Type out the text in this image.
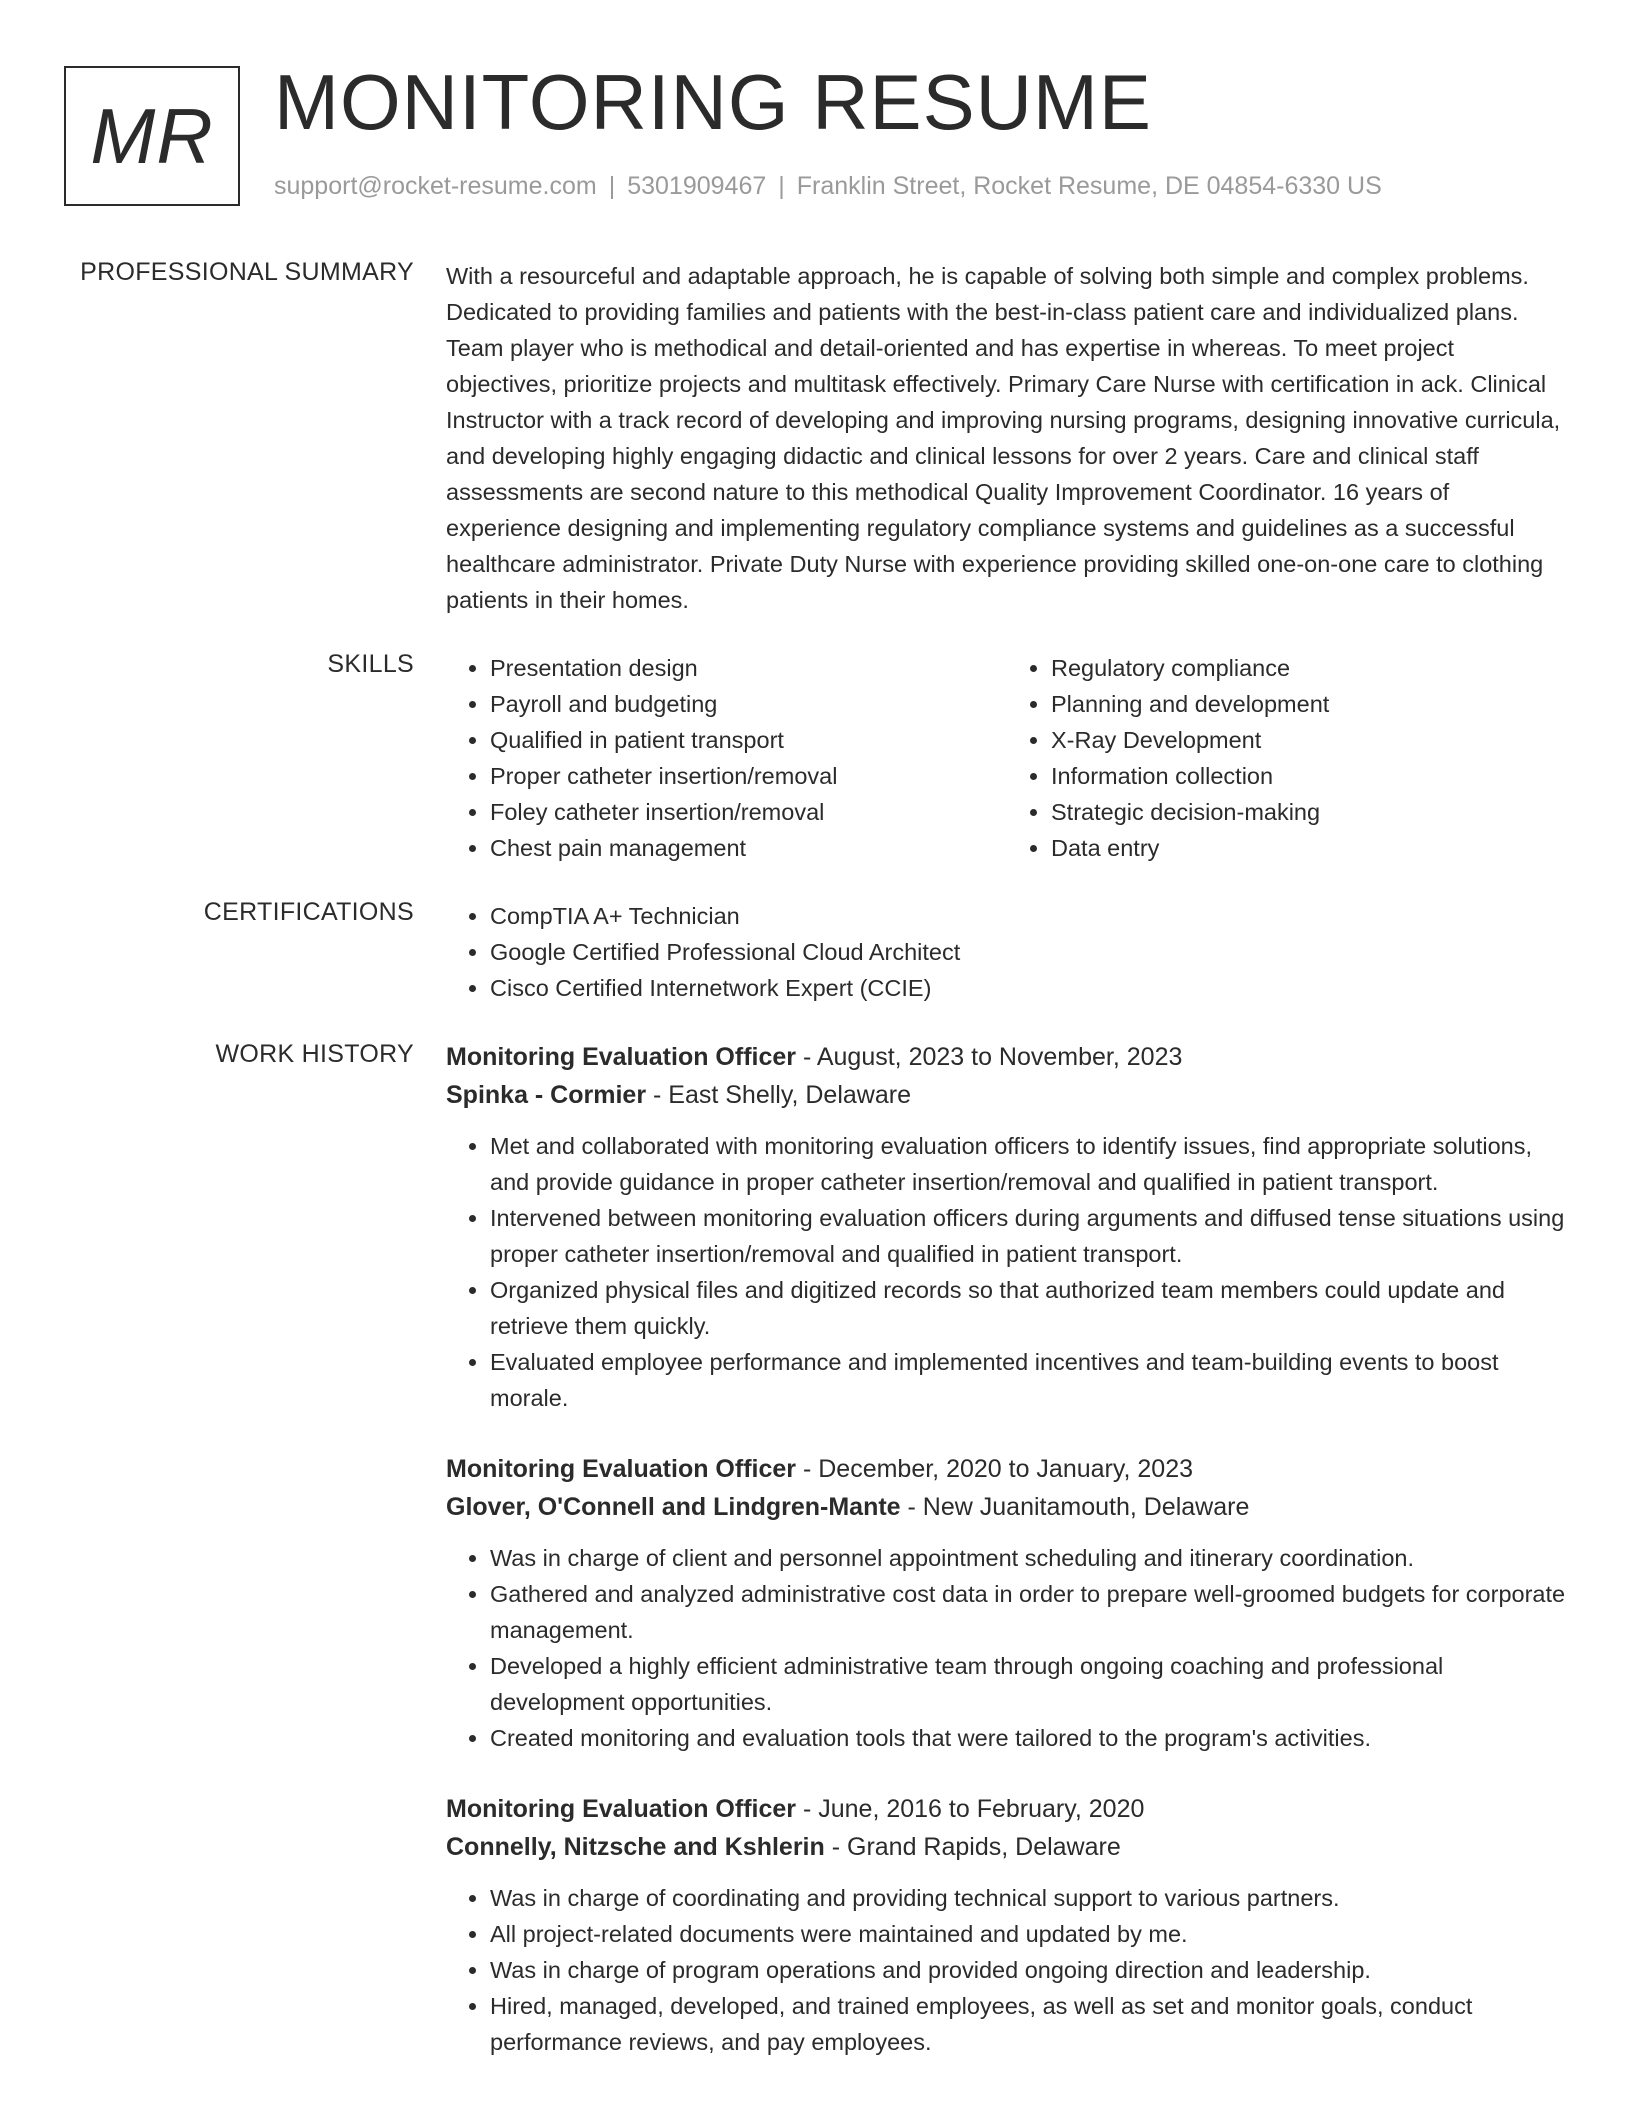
MR MONITORING RESUME
support@rocket-resume.com | 5301909467 | Franklin Street, Rocket Resume, DE 04854-6330 US
PROFESSIONAL SUMMARY With a resourceful and adaptable approach, he is capable of solving both simple and complex problems. Dedicated to providing families and patients with the best-in-class patient care and individualized plans. Team player who is methodical and detail-oriented and has expertise in whereas. To meet project objectives, prioritize projects and multitask effectively. Primary Care Nurse with certification in ack. Clinical Instructor with a track record of developing and improving nursing programs, designing innovative curricula, and developing highly engaging didactic and clinical lessons for over 2 years. Care and clinical staff assessments are second nature to this methodical Quality Improvement Coordinator. 16 years of experience designing and implementing regulatory compliance systems and guidelines as a successful healthcare administrator. Private Duty Nurse with experience providing skilled one-on-one care to clothing patients in their homes.
SKILLS	• Presentation design
• Payroll and budgeting
• Qualified in patient transport
• Proper catheter insertion/removal
• Foley catheter insertion/removal
• Chest pain management
• Regulatory compliance
• Planning and development
• X-Ray Development
• Information collection
• Strategic decision-making
• Data entry
CERTIFICATIONS	• CompTIA A+ Technician
• Google Certified Professional Cloud Architect
• Cisco Certified Internetwork Expert (CCIE)
WORK HISTORY Monitoring Evaluation Officer - August, 2023 to November, 2023
Spinka - Cormier - East Shelly, Delaware
• Met and collaborated with monitoring evaluation officers to identify issues, find appropriate solutions, and provide guidance in proper catheter insertion/removal and qualified in patient transport.
• Intervened between monitoring evaluation officers during arguments and diffused tense situations using proper catheter insertion/removal and qualified in patient transport.
• Organized physical files and digitized records so that authorized team members could update and retrieve them quickly.
• Evaluated employee performance and implemented incentives and team-building events to boost morale.
Monitoring Evaluation Officer - December, 2020 to January, 2023
Glover, O'Connell and Lindgren-Mante - New Juanitamouth, Delaware
• Was in charge of client and personnel appointment scheduling and itinerary coordination.
• Gathered and analyzed administrative cost data in order to prepare well-groomed budgets for corporate management.
• Developed a highly efficient administrative team through ongoing coaching and professional development opportunities.
• Created monitoring and evaluation tools that were tailored to the program's activities.
Monitoring Evaluation Officer - June, 2016 to February, 2020
Connelly, Nitzsche and Kshlerin - Grand Rapids, Delaware
• Was in charge of coordinating and providing technical support to various partners.
• All project-related documents were maintained and updated by me.
• Was in charge of program operations and provided ongoing direction and leadership.
• Hired, managed, developed, and trained employees, as well as set and monitor goals, conduct performance reviews, and pay employees.
